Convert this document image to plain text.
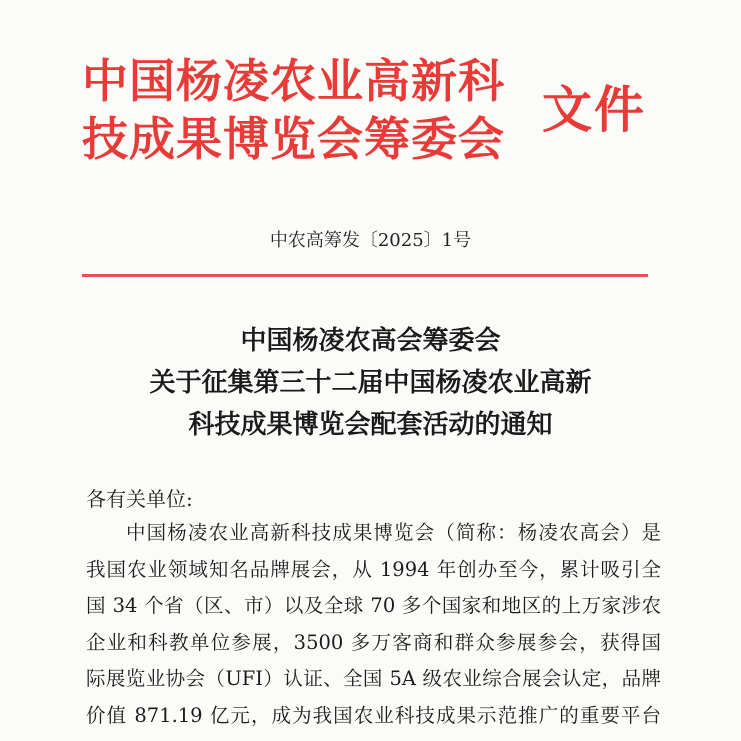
中国杨凌农业高新科
技成果博览会筹委会 文件
中农高筹发〔2025〕1号
中国杨凌农高会筹委会
关于征集第三十二届中国杨凌农业高新
科技成果博览会配套活动的通知
各有关单位:
中国杨凌农业高新科技成果博览会（简称：杨凌农高会）是
我国农业领域知名品牌展会，从 1994 年创办至今，累计吸引全
国 34 个省（区、市）以及全球 70 多个国家和地区的上万家涉农
企业和科教单位参展，3500 多万客商和群众参展参会，获得国
际展览业协会（UFI）认证、全国 5A 级农业综合展会认定，品牌
价值 871.19 亿元，成为我国农业科技成果示范推广的重要平台
